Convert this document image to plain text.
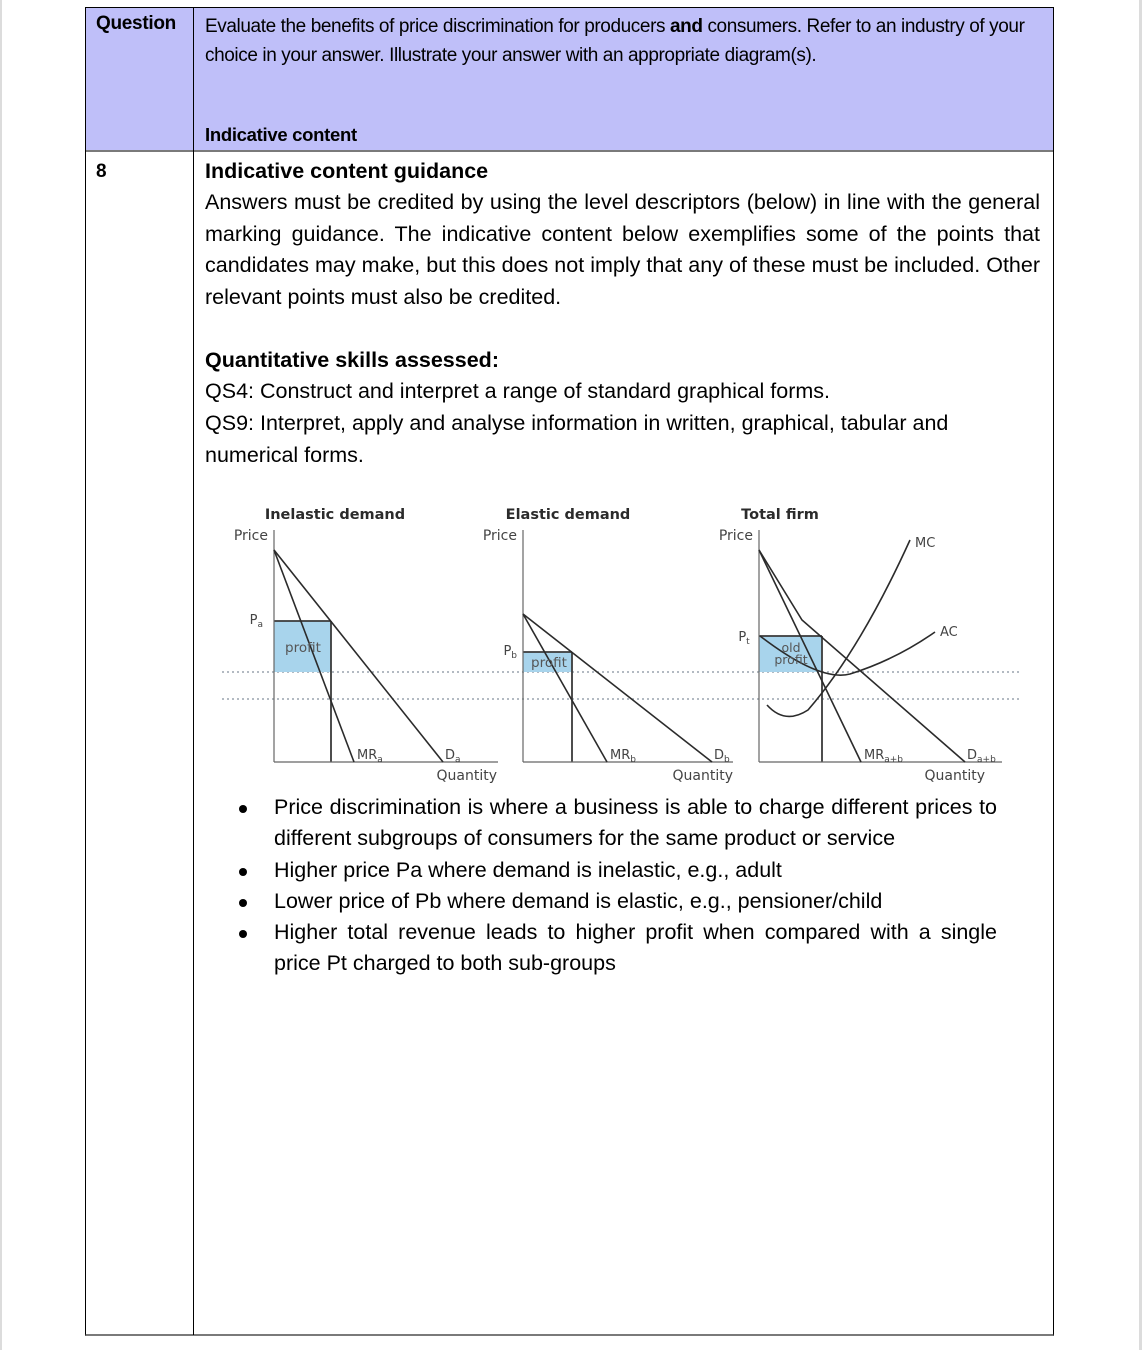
Question Evaluate the benefits of price discrimination for producers and consumers. Refer to an industry of your choice in your answer. Illustrate your answer with an appropriate diagram(s).
Indicative content
8	Indicative content guidance
Answers must be credited by using the level descriptors (below) in line with the general marking guidance. The indicative content below exemplifies some of the points that candidates may make, but this does not imply that any of these must be included. Other relevant points must also be credited.
Quantitative skills assessed:
QS4: Construct and interpret a range of standard graphical forms.
QS9: Interpret, apply and analyse information in written, graphical, tabular and numerical forms.
Inelastic demand
Price
$P_a$
profit
$MR_a$	$D_a$
Quantity
Elastic demand
Price
$P_b$ profit
$MR_b$	$D_b$
Quantity
Total firm
Price
$P_t$	old
profit
MC
AC
$MR_{a+b}$	$D_{a+b}$
Quantity
Price discrimination is where a business is able to charge different prices to different subgroups of consumers for the same product or service
Higher price Pa where demand is inelastic, e.g., adult
Lower price of Pb where demand is elastic, e.g., pensioner/child
Higher total revenue leads to higher profit when compared with a single price Pt charged to both sub-groups
